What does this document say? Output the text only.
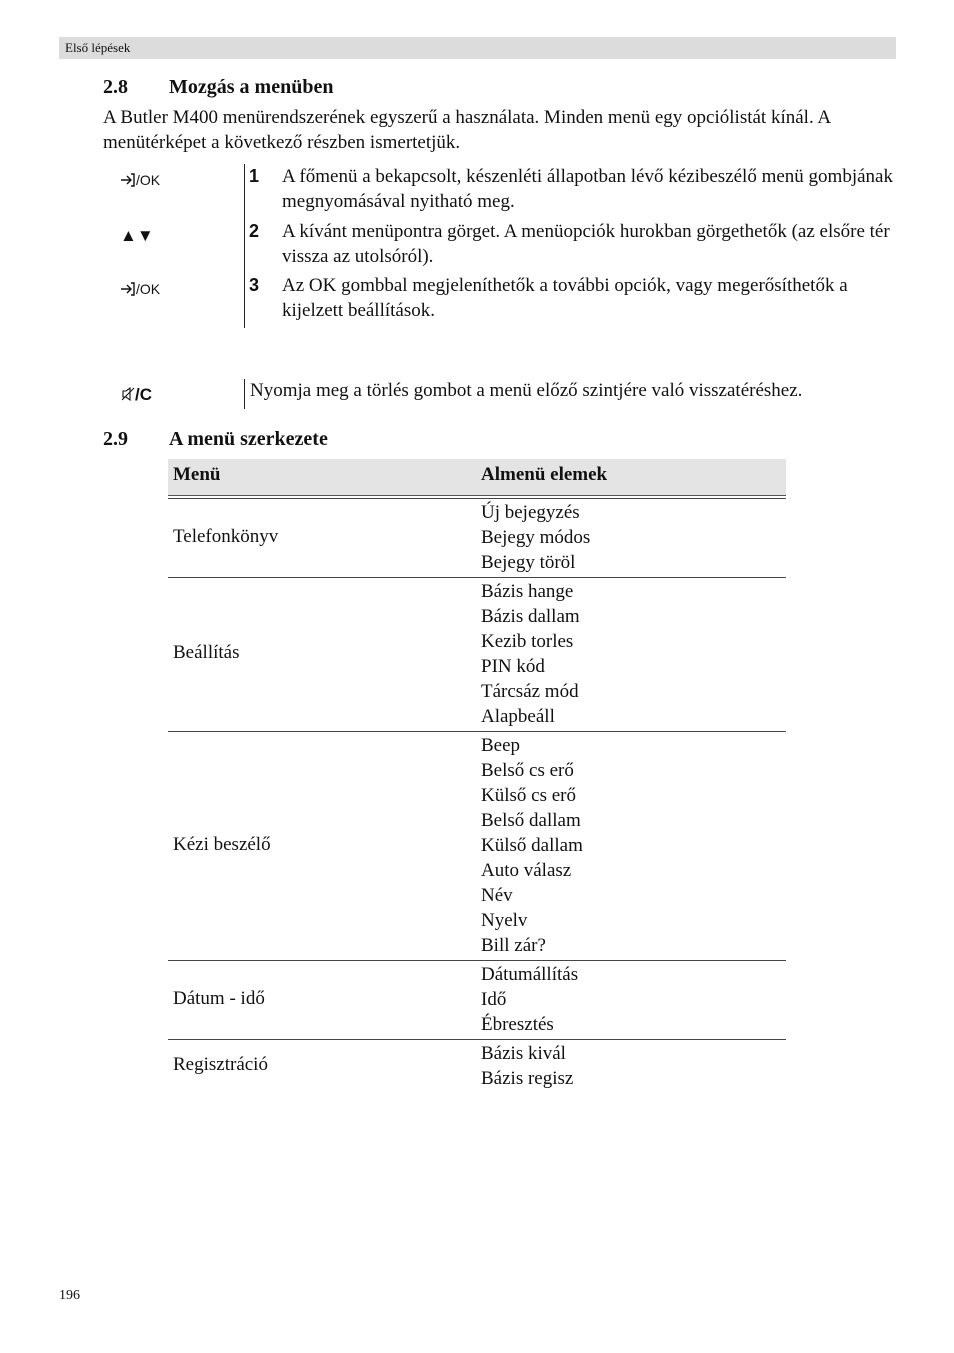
Első lépések
2.8 Mozgás a menüben
A Butler M400 menürendszerének egyszerű a használata. Minden menü egy opciólistát kínál. A menütérképet a következő részben ismertetjük.
/OK
▲▼
/OK
1 A főmenü a bekapcsolt, készenléti állapotban lévő kézibeszélő menü gombjának megnyomásával nyitható meg.
2 A kívánt menüpontra görget. A menüopciók hurokban görgethetők (az elsőre tér vissza az utolsóról).
3 Az OK gombbal megjeleníthetők a további opciók, vagy megerősíthetők a kijelzett beállítások.
/C	Nyomja meg a törlés gombot a menü előző szintjére való visszatéréshez.
2.9 A menü szerkezete
Menü	Almenü elemek
Telefonkönyv
Új bejegyzés
Bejegy módos
Bejegy töröl
Beállítás
Bázis hange
Bázis dallam
Kezib torles
PIN kód
Tárcsáz mód
Alapbeáll
Kézi beszélő
Beep
Belső cs erő
Külső cs erő
Belső dallam
Külső dallam
Auto válasz
Név
Nyelv
Bill zár?
Dátum - idő
Dátumállítás
Idő
Ébresztés
Regisztráció
Bázis kivál
Bázis regisz
196
